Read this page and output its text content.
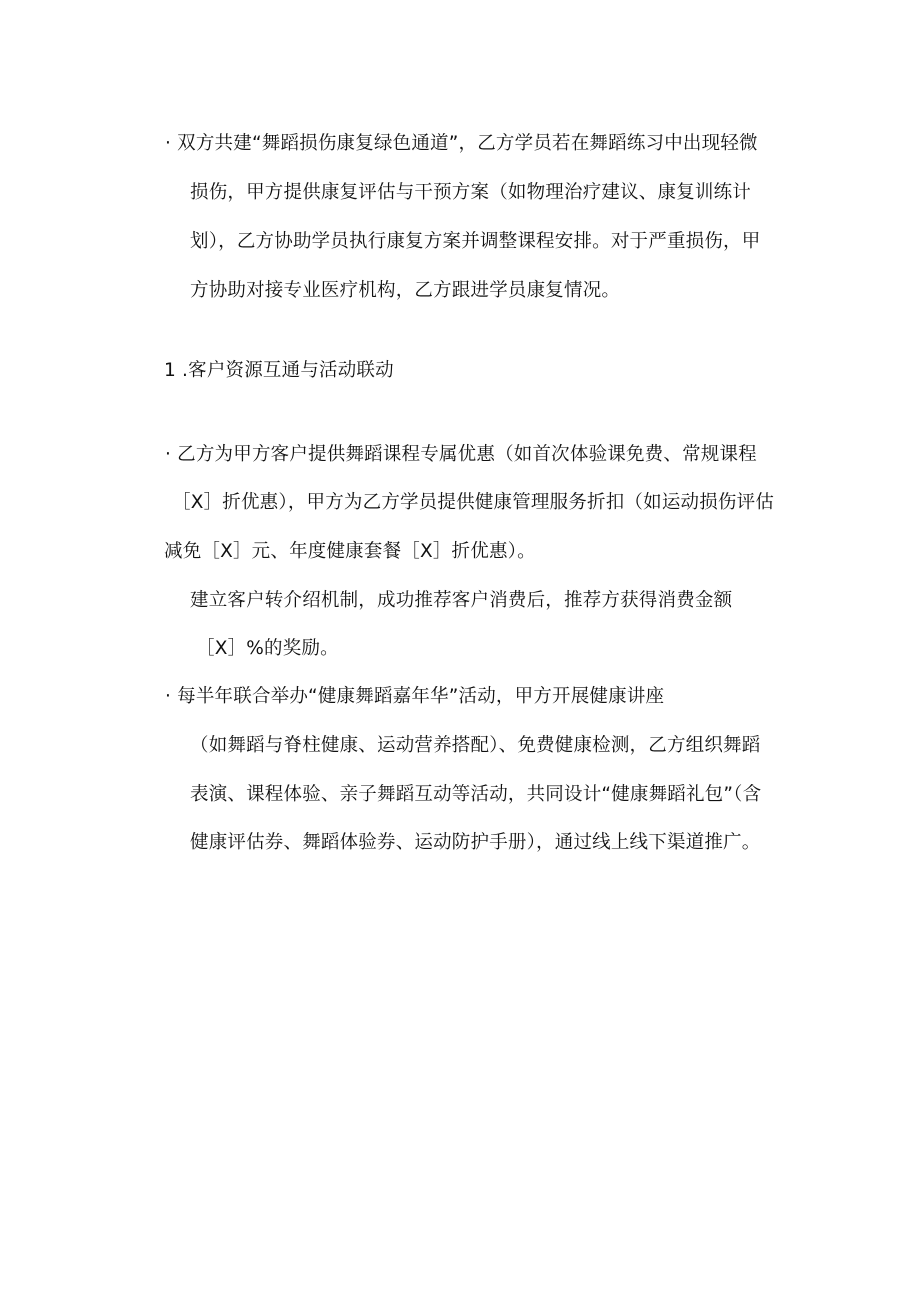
· 双方共建“舞蹈损伤康复绿色通道”，乙方学员若在舞蹈练习中出现轻微
损伤，甲方提供康复评估与干预方案（如物理治疗建议、康复训练计
划），乙方协助学员执行康复方案并调整课程安排。对于严重损伤，甲
方协助对接专业医疗机构，乙方跟进学员康复情况。
1 .客户资源互通与活动联动
· 乙方为甲方客户提供舞蹈课程专属优惠（如首次体验课免费、常规课程
［X］折优惠），甲方为乙方学员提供健康管理服务折扣（如运动损伤评估
减免［X］元、年度健康套餐［X］折优惠）。
建立客户转介绍机制，成功推荐客户消费后，推荐方获得消费金额
［X］%的奖励。
· 每半年联合举办“健康舞蹈嘉年华”活动，甲方开展健康讲座
（如舞蹈与脊柱健康、运动营养搭配）、免费健康检测，乙方组织舞蹈
表演、课程体验、亲子舞蹈互动等活动，共同设计“健康舞蹈礼包”（含
健康评估券、舞蹈体验券、运动防护手册），通过线上线下渠道推广。
